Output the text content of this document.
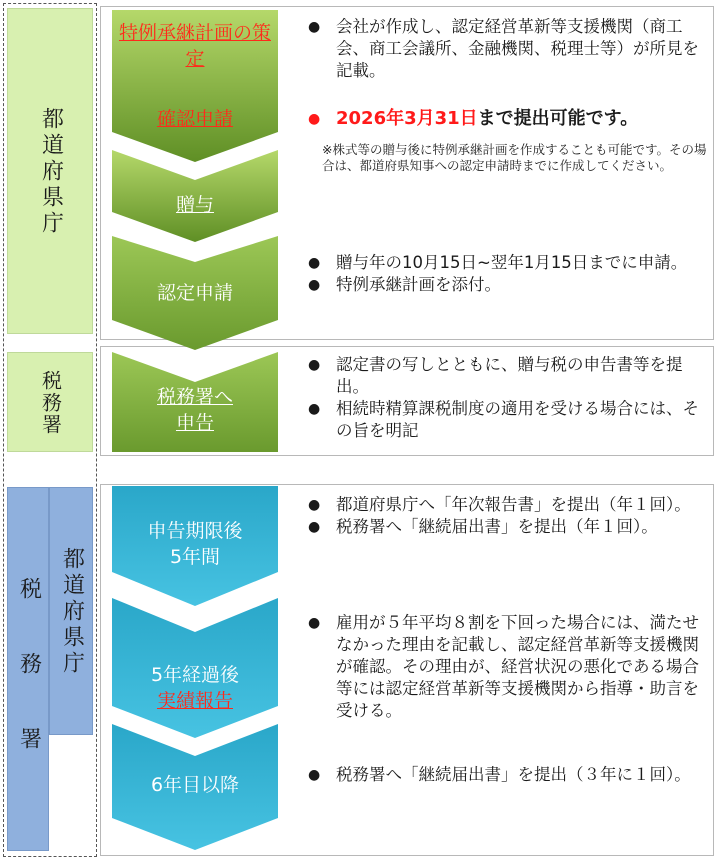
都道府県庁
税務署
税 務 署 都道府県庁
特例承継計画の策定
確認申請
贈与
認定申請
税務署へ
申告
申告期限後
5年間
5年経過後
実績報告
6年目以降
● 会社が作成し、認定経営革新等支援機関（商工会、商工会議所、金融機関、税理士等）が所見を記載。
● 2026年3月31日まで提出可能です。
※株式等の贈与後に特例承継計画を作成することも可能です。その場合は、都道府県知事への認定申請時までに作成してください。
● 贈与年の10月15日~翌年1月15日までに申請。
● 特例承継計画を添付。
● 認定書の写しとともに、贈与税の申告書等を提出。
● 相続時精算課税制度の適用を受ける場合には、その旨を明記
● 都道府県庁へ「年次報告書」を提出（年１回）。
● 税務署へ「継続届出書」を提出（年１回）。
● 雇用が５年平均８割を下回った場合には、満たせなかった理由を記載し、認定経営革新等支援機関が確認。その理由が、経営状況の悪化である場合等には認定経営革新等支援機関から指導・助言を受ける。
● 税務署へ「継続届出書」を提出（３年に１回）。
